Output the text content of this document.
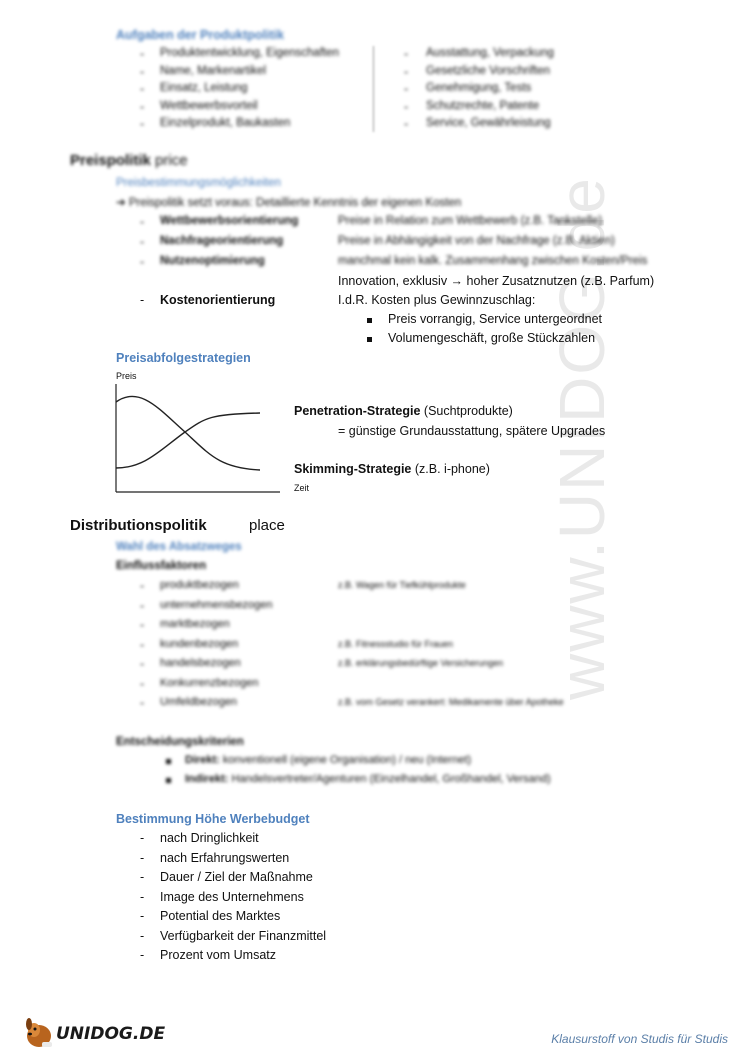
www.UNIDOG.de
Aufgaben der Produktpolitik
- Produktentwicklung, Eigenschaften
- Name, Markenartikel
- Einsatz, Leistung
- Wettbewerbsvorteil
- Einzelprodukt, Baukasten
- Ausstattung, Verpackung
- Gesetzliche Vorschriften
- Genehmigung, Tests
- Schutzrechte, Patente
- Service, Gewährleistung
Preispolitik price
Preisbestimmungsmöglichkeiten
➔ Preispolitik setzt voraus: Detaillierte Kenntnis der eigenen Kosten
- Wettbewerbsorientierung	Preise in Relation zum Wettbewerb (z.B. Tankstelle)
- Nachfrageorientierung	Preise in Abhängigkeit von der Nachfrage (z.B. Aktien)
- Nutzenoptimierung	manchmal kein kalk. Zusammenhang zwischen Kosten/Preis
Innovation, exklusiv → hoher Zusatznutzen (z.B. Parfum)
- Kostenorientierung	I.d.R. Kosten plus Gewinnzuschlag:
Preis vorrangig, Service untergeordnet
Volumengeschäft, große Stückzahlen
Preisabfolgestrategien
Preis
Zeit
Penetration-Strategie (Suchtprodukte)
= günstige Grundausstattung, spätere Upgrades
Skimming-Strategie (z.B. i-phone)
Distributionspolitik	place
Wahl des Absatzweges
Einflussfaktoren
- produktbezogen	z.B. Wagen für Tiefkühlprodukte
- unternehmensbezogen
- marktbezogen
- kundenbezogen	z.B. Fitnessstudio für Frauen
- handelsbezogen	z.B. erklärungsbedürftige Versicherungen
- Konkurrenzbezogen
- Umfeldbezogen	z.B. vom Gesetz verankert: Medikamente über Apotheke
Entscheidungskriterien
Direkt: konventionell (eigene Organisation) / neu (Internet)
Indirekt: Handelsvertreter/Agenturen (Einzelhandel, Großhandel, Versand)
Bestimmung Höhe Werbebudget
- nach Dringlichkeit
- nach Erfahrungswerten
- Dauer / Ziel der Maßnahme
- Image des Unternehmens
- Potential des Marktes
- Verfügbarkeit der Finanzmittel
- Prozent vom Umsatz
UNIDOG.DE	Klausurstoff von Studis für Studis
